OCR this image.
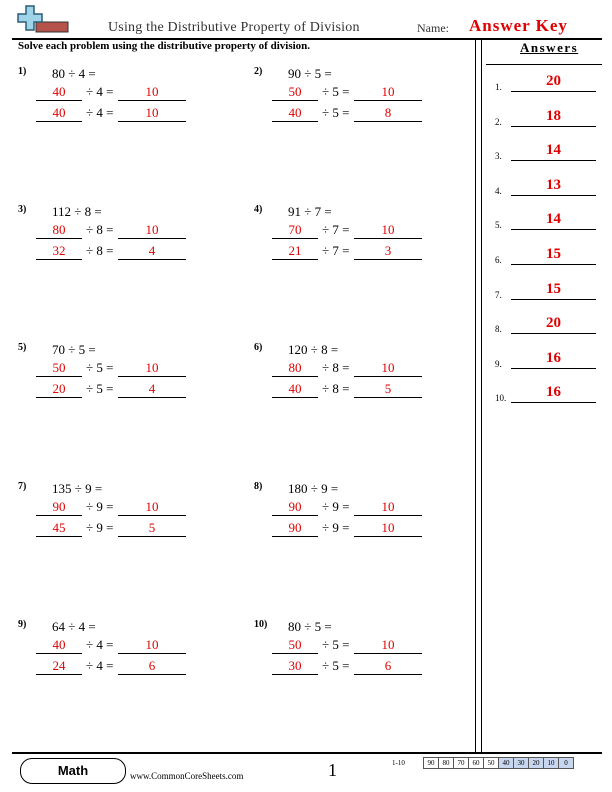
Using the Distributive Property of Division	Name: Answer Key
Solve each problem using the distributive property of division.
1) 80 ÷ 4 =
40	÷ 4 =	10
40	÷ 4 =	10
2) 90 ÷ 5 =
50	÷ 5 =	10
40	÷ 5 =	8
3) 112 ÷ 8 =
80	÷ 8 =	10
32	÷ 8 =	4
4) 91 ÷ 7 =
70	÷ 7 =	10
21	÷ 7 =	3
5) 70 ÷ 5 =
50	÷ 5 =	10
20	÷ 5 =	4
6) 120 ÷ 8 =
80	÷ 8 =	10
40	÷ 8 =	5
7) 135 ÷ 9 =
90	÷ 9 =	10
45	÷ 9 =	5
8) 180 ÷ 9 =
90	÷ 9 =	10
90	÷ 9 =	10
9) 64 ÷ 4 =
40	÷ 4 =	10
24	÷ 4 =	6
10) 80 ÷ 5 =
50	÷ 5 =	10
30	÷ 5 =	6
Answers
1.	20
2.	18
3.	14
4.	13
5.	14
6.	15
7.	15
8.	20
9.	16
10.	16
Math	www.CommonCoreSheets.com	1	1-10	90	80	70	60	50	40	30	20	10	0
